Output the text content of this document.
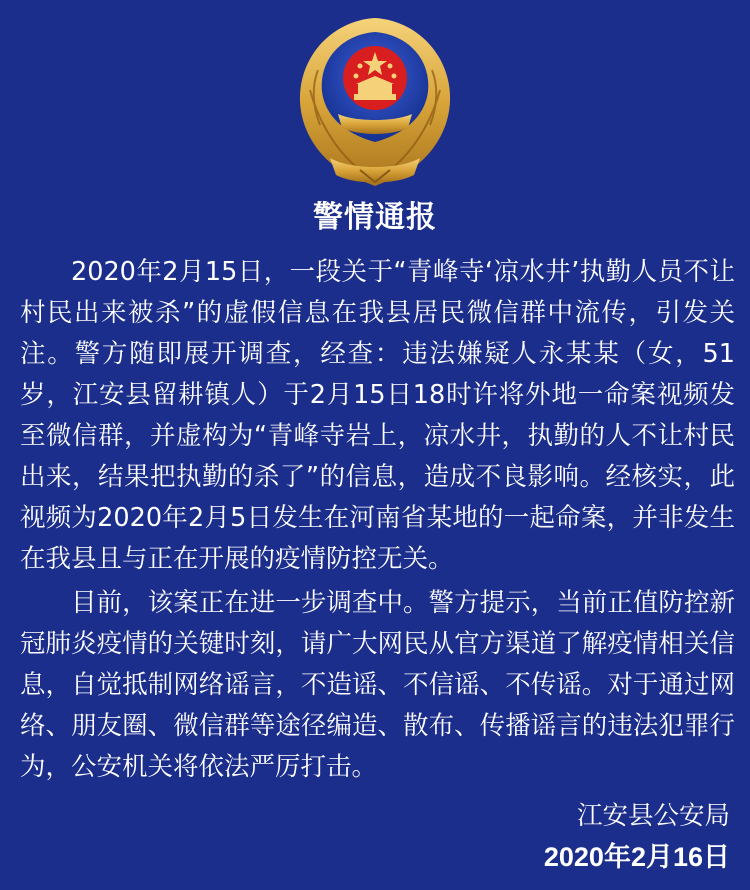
警情通报

2020年2月15日，一段关于“青峰寺‘凉水井’执勤人员不让村民出来被杀”的虚假信息在我县居民微信群中流传，引发关注。警方随即展开调查，经查：违法嫌疑人永某某（女，51岁，江安县留耕镇人）于2月15日18时许将外地一命案视频发至微信群，并虚构为“青峰寺岩上，凉水井，执勤的人不让村民出来，结果把执勤的杀了”的信息，造成不良影响。经核实，此视频为2020年2月5日发生在河南省某地的一起命案，并非发生在我县且与正在开展的疫情防控无关。

目前，该案正在进一步调查中。警方提示，当前正值防控新冠肺炎疫情的关键时刻，请广大网民从官方渠道了解疫情相关信息，自觉抵制网络谣言，不造谣、不信谣、不传谣。对于通过网络、朋友圈、微信群等途径编造、散布、传播谣言的违法犯罪行为，公安机关将依法严厉打击。

江安县公安局
2020年2月16日
